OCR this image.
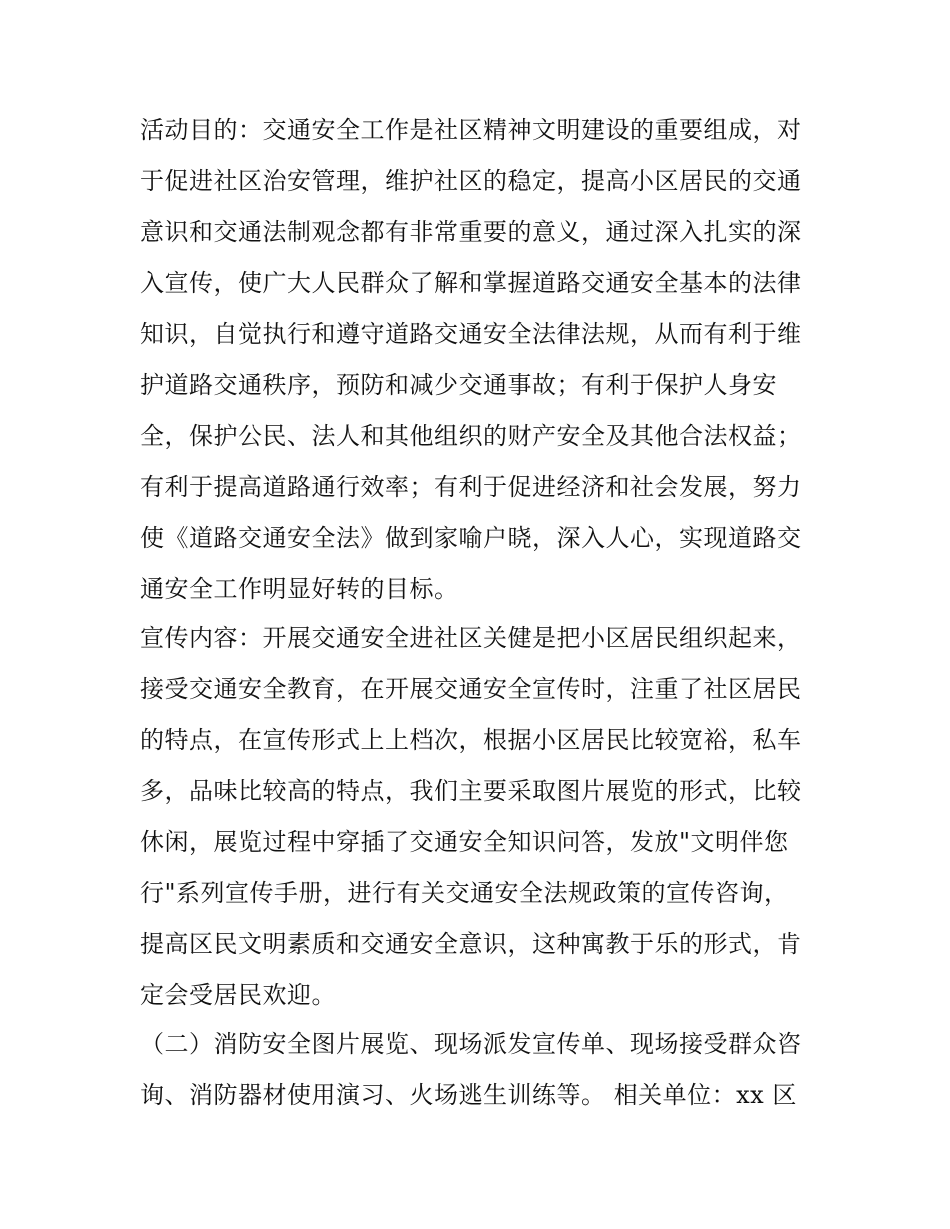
活动目的：交通安全工作是社区精神文明建设的重要组成，对
于促进社区治安管理，维护社区的稳定，提高小区居民的交通
意识和交通法制观念都有非常重要的意义，通过深入扎实的深
入宣传，使广大人民群众了解和掌握道路交通安全基本的法律
知识，自觉执行和遵守道路交通安全法律法规，从而有利于维
护道路交通秩序，预防和减少交通事故；有利于保护人身安
全，保护公民、法人和其他组织的财产安全及其他合法权益；
有利于提高道路通行效率；有利于促进经济和社会发展，努力
使《道路交通安全法》做到家喻户晓，深入人心，实现道路交
通安全工作明显好转的目标。
宣传内容：开展交通安全进社区关健是把小区居民组织起来，
接受交通安全教育，在开展交通安全宣传时，注重了社区居民
的特点，在宣传形式上上档次，根据小区居民比较宽裕，私车
多，品味比较高的特点，我们主要采取图片展览的形式，比较
休闲，展览过程中穿插了交通安全知识问答，发放"文明伴您
行"系列宣传手册，进行有关交通安全法规政策的宣传咨询，
提高区民文明素质和交通安全意识，这种寓教于乐的形式，肯
定会受居民欢迎。
（二）消防安全图片展览、现场派发宣传单、现场接受群众咨
询、消防器材使用演习、火场逃生训练等。 相关单位：xx 区
